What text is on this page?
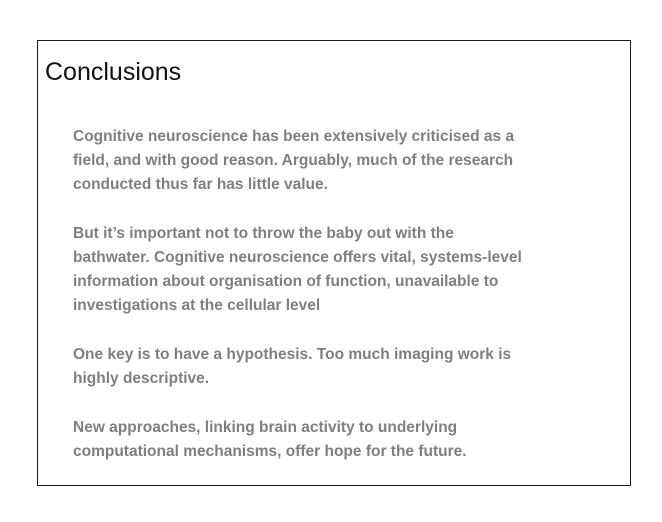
Conclusions

Cognitive neuroscience has been extensively criticised as a
field, and with good reason. Arguably, much of the research
conducted thus far has little value.

But it’s important not to throw the baby out with the
bathwater. Cognitive neuroscience offers vital, systems-level
information about organisation of function, unavailable to
investigations at the cellular level

One key is to have a hypothesis. Too much imaging work is
highly descriptive.

New approaches, linking brain activity to underlying
computational mechanisms, offer hope for the future.
